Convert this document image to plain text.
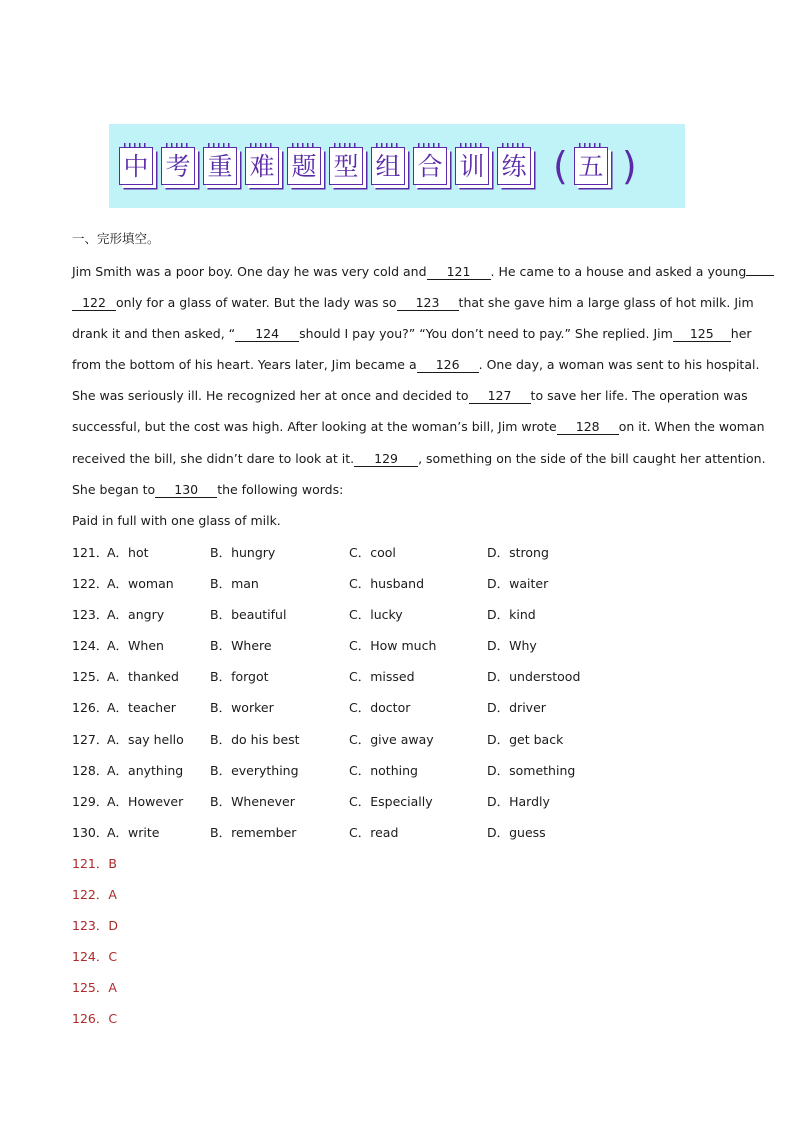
中 考 重 难 题 型 组 合 训 练 ( 五 )
一、完形填空。
Jim Smith was a poor boy. One day he was very cold and 121 . He came to a house and asked a young
122 only for a glass of water. But the lady was so 123 that she gave him a large glass of hot milk. Jim
drank it and then asked, “ 124 should I pay you?” “You don’t need to pay.” She replied. Jim 125 her
from the bottom of his heart. Years later, Jim became a 126 . One day, a woman was sent to his hospital.
She was seriously ill. He recognized her at once and decided to 127 to save her life. The operation was
successful, but the cost was high. After looking at the woman’s bill, Jim wrote 128 on it. When the woman
received the bill, she didn’t dare to look at it. 129 , something on the side of the bill caught her attention.
She began to 130 the following words:
Paid in full with one glass of milk.
121．
A．hot	B．hungry	C．cool	D．strong
122．
A．woman	B．man	C．husband	D．waiter
123．
A．angry	B．beautiful	C．lucky	D．kind
124．
A．When	B．Where	C．How much	D．Why
125．
A．thanked B．forgot	C．missed	D．understood
126．
A．teacher	B．worker	C．doctor	D．driver
127．
A．say hello B．do his best	C．give away	D．get back
128．
A．anything B．everything	C．nothing	D．something
129．
A．However B．Whenever	C．Especially	D．Hardly
130．
A．write	B．remember	C．read	D．guess
121．B
122．A
123．D
124．C
125．A
126．C
